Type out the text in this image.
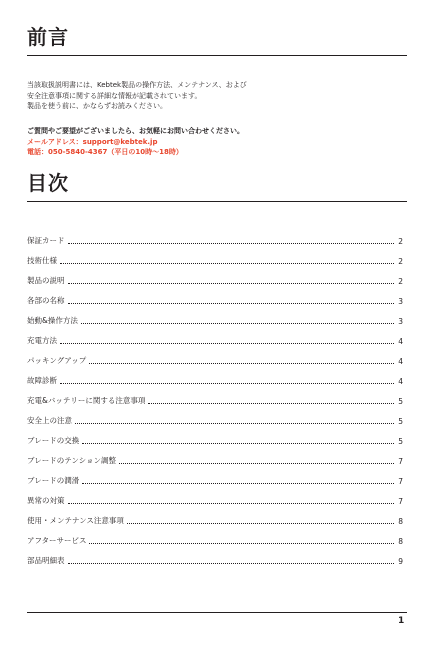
前言

当該取扱説明書には、Kebtek製品の操作方法、メンテナンス、および

安全注意事項に関する詳細な情報が記載されています。

製品を使う前に、かならずお読みください。

ご質問やご要望がございましたら、お気軽にお問い合わせください。
メールアドレス：support@kebtek.jp
電話：050-5840-4367（平日の10時〜18時）
目次
保証カード	2
技術仕様	2
製品の説明	2
各部の名称	3
始動&操作方法	3
充電方法	4
パッキングアップ	4
故障診断	4
充電&バッテリーに関する注意事項	5
安全上の注意	5
ブレードの交換	5
ブレードのテンション調整	7
ブレードの潤滑	7
異常の対策	7
使用・メンテナンス注意事項	8
アフターサービス	8
部品明細表	9
1
